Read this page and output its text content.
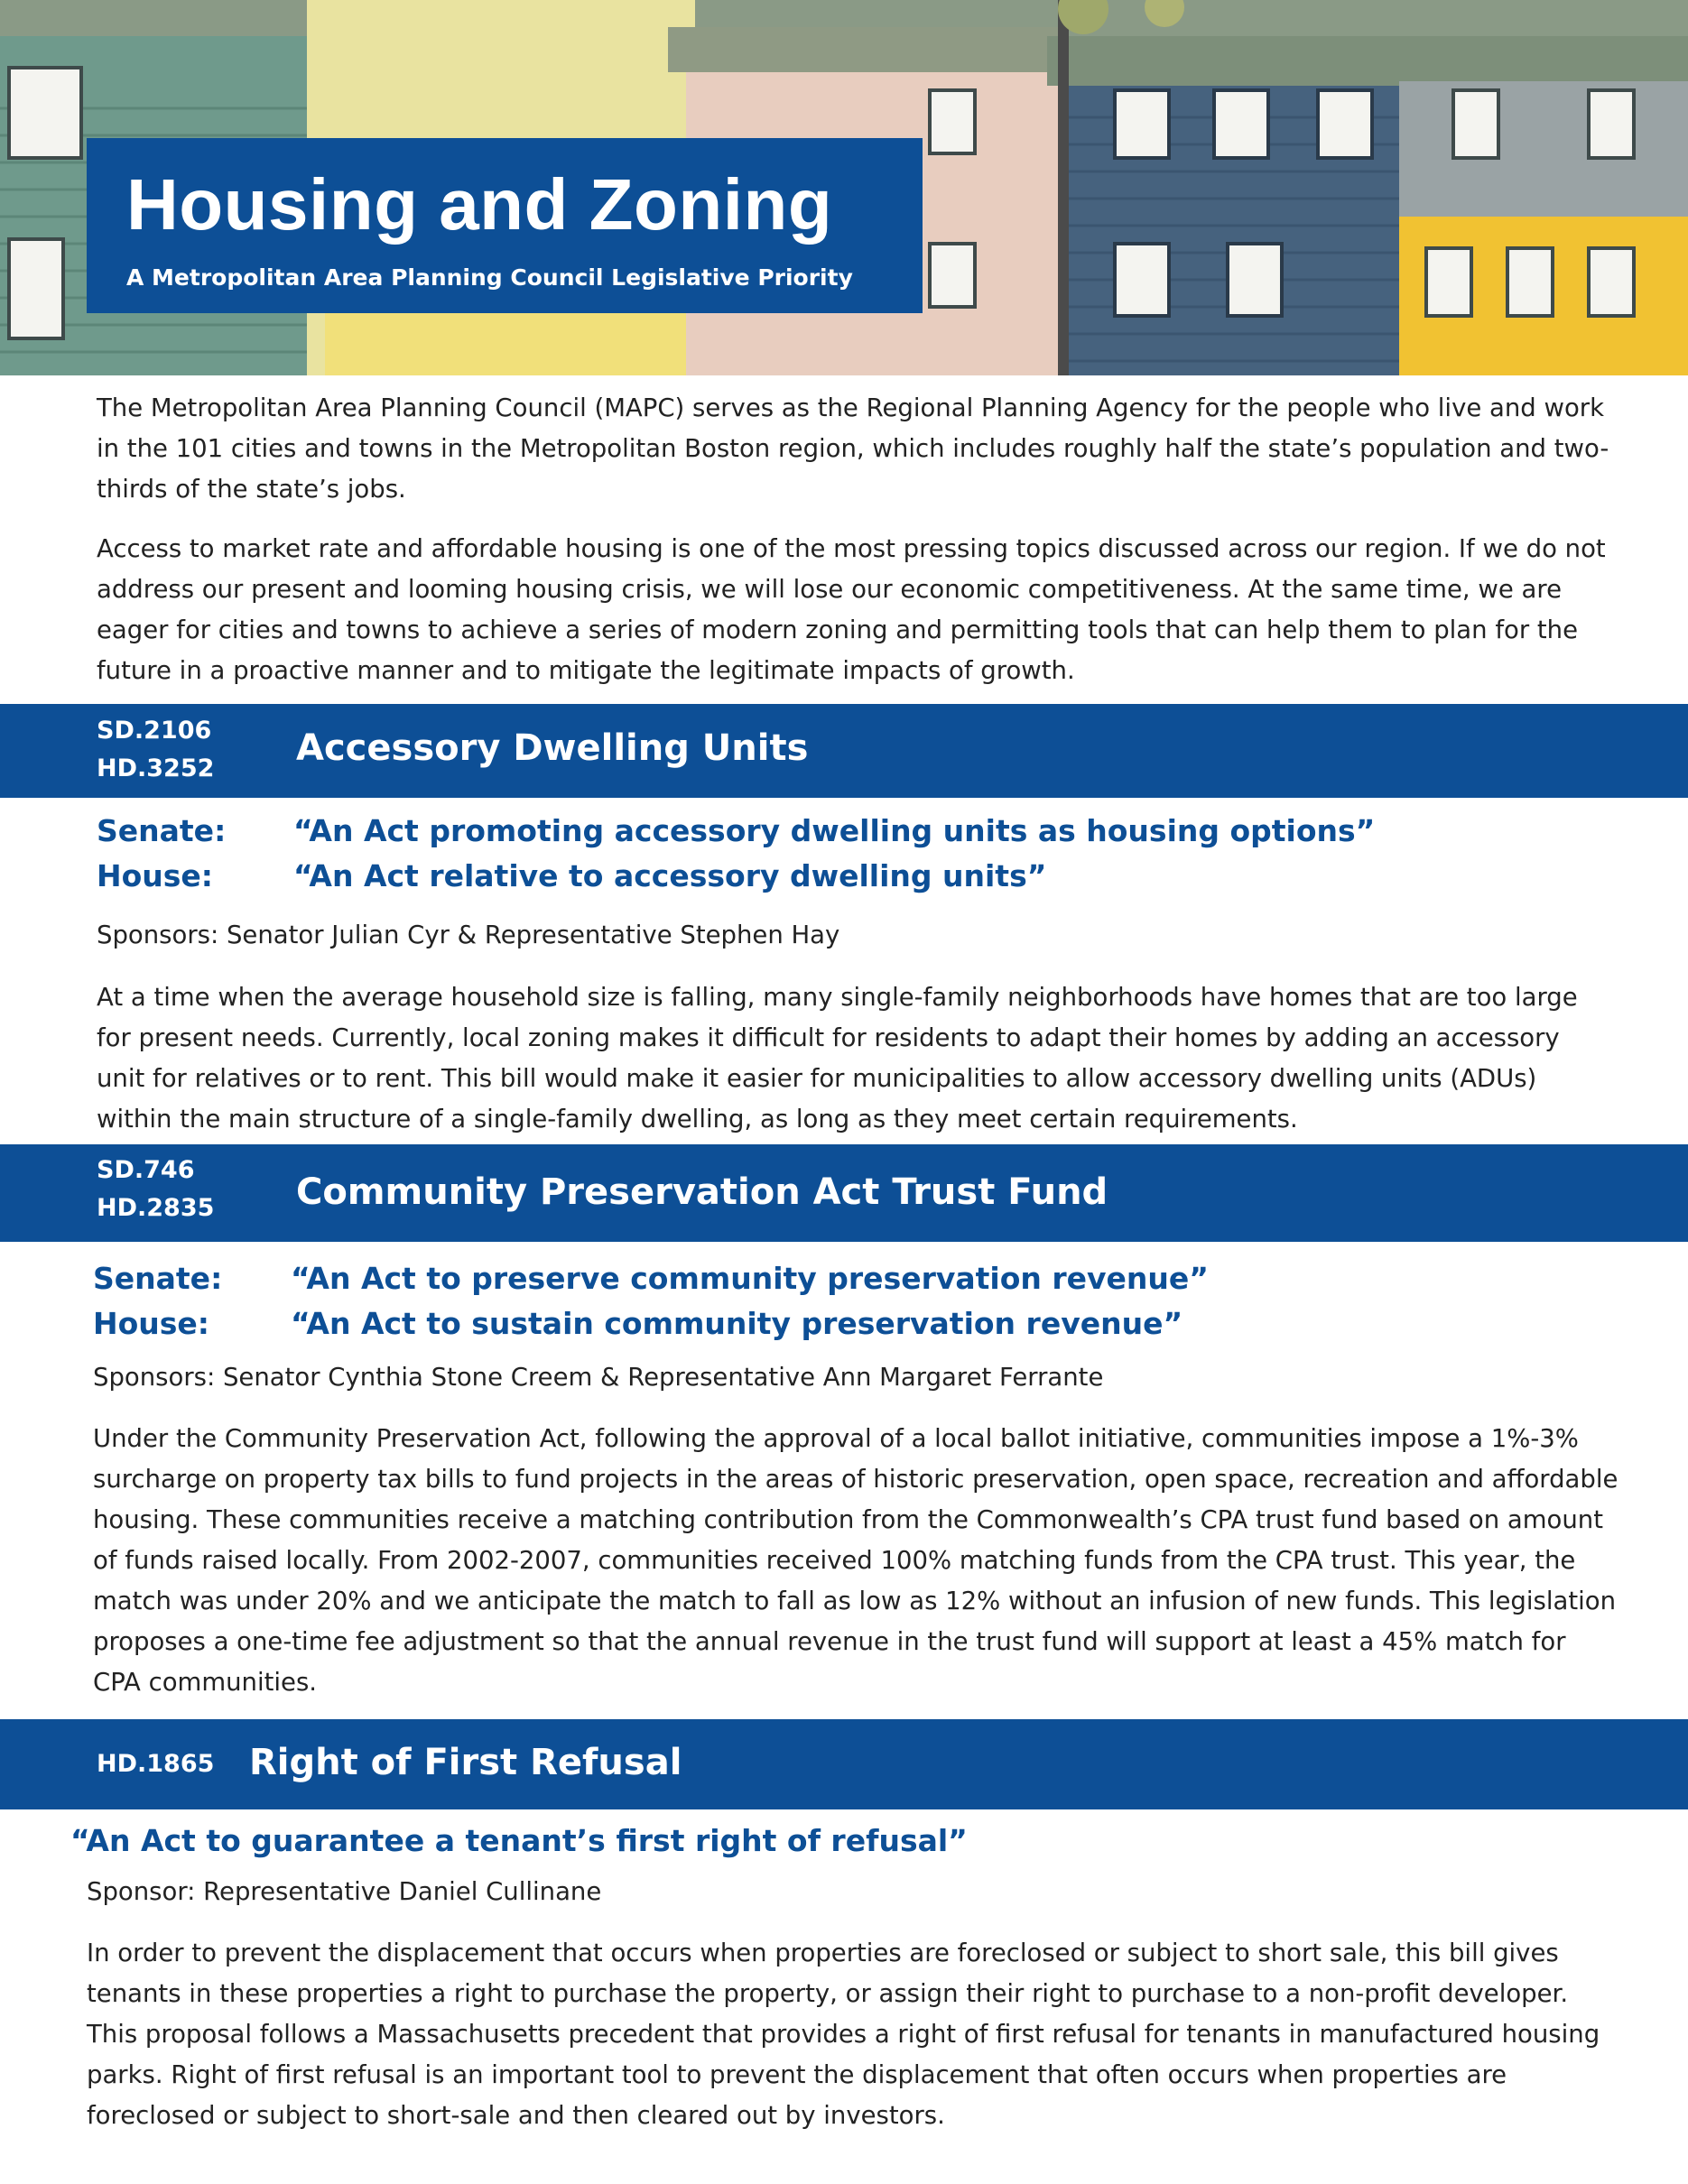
Housing and Zoning
A Metropolitan Area Planning Council Legislative Priority

The Metropolitan Area Planning Council (MAPC) serves as the Regional Planning Agency for the people who live and work in the 101 cities and towns in the Metropolitan Boston region, which includes roughly half the state’s population and two-thirds of the state’s jobs.

Access to market rate and affordable housing is one of the most pressing topics discussed across our region. If we do not address our present and looming housing crisis, we will lose our economic competitiveness. At the same time, we are eager for cities and towns to achieve a series of modern zoning and permitting tools that can help them to plan for the future in a proactive manner and to mitigate the legitimate impacts of growth.

SD.2106
HD.3252 Accessory Dwelling Units
Senate: “An Act promoting accessory dwelling units as housing options”
House:	“An Act relative to accessory dwelling units”
Sponsors: Senator Julian Cyr & Representative Stephen Hay

At a time when the average household size is falling, many single-family neighborhoods have homes that are too large for present needs. Currently, local zoning makes it difficult for residents to adapt their homes by adding an accessory unit for relatives or to rent. This bill would make it easier for municipalities to allow accessory dwelling units (ADUs) within the main structure of a single-family dwelling, as long as they meet certain requirements.

SD.746
HD.2835 Community Preservation Act Trust Fund
Senate: “An Act to preserve community preservation revenue”
House:	“An Act to sustain community preservation revenue”
Sponsors: Senator Cynthia Stone Creem & Representative Ann Margaret Ferrante

Under the Community Preservation Act, following the approval of a local ballot initiative, communities impose a 1%-3% surcharge on property tax bills to fund projects in the areas of historic preservation, open space, recreation and affordable housing. These communities receive a matching contribution from the Commonwealth’s CPA trust fund based on amount of funds raised locally. From 2002-2007, communities received 100% matching funds from the CPA trust. This year, the match was under 20% and we anticipate the match to fall as low as 12% without an infusion of new funds. This legislation proposes a one-time fee adjustment so that the annual revenue in the trust fund will support at least a 45% match for CPA communities.

HD.1865 Right of First Refusal
“An Act to guarantee a tenant’s first right of refusal”
Sponsor: Representative Daniel Cullinane

In order to prevent the displacement that occurs when properties are foreclosed or subject to short sale, this bill gives tenants in these properties a right to purchase the property, or assign their right to purchase to a non-profit developer. This proposal follows a Massachusetts precedent that provides a right of first refusal for tenants in manufactured housing parks. Right of first refusal is an important tool to prevent the displacement that often occurs when properties are foreclosed or subject to short-sale and then cleared out by investors.
